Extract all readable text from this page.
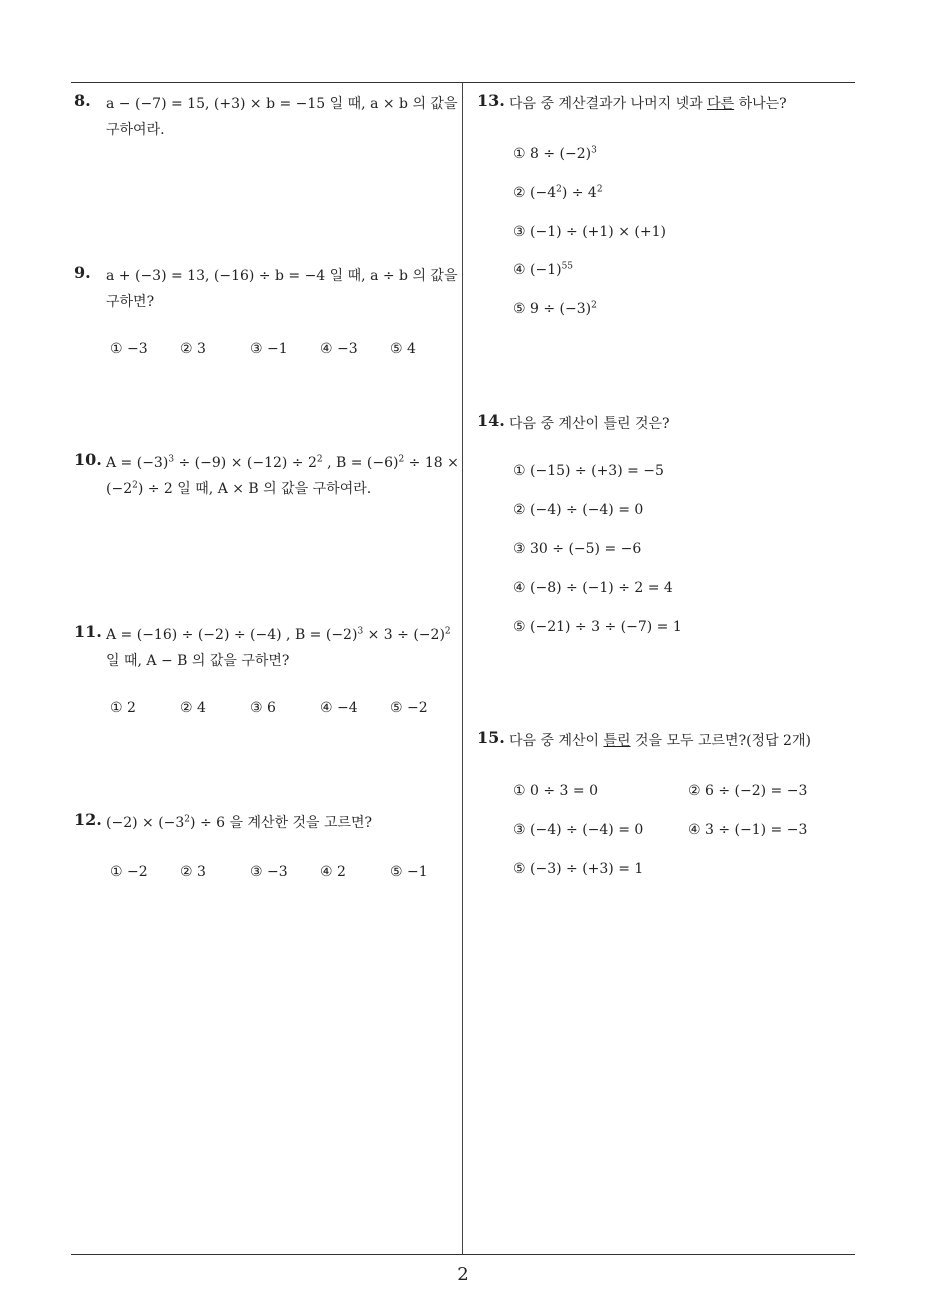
2
8. a − (−7) = 15, (+3) × b = −15 일 때, a × b 의 값을
구하여라.
9. a + (−3) = 13, (−16) ÷ b = −4 일 때, a ÷ b 의 값을
구하면?
① −3 ② 3	③ −1 ④ −3 ⑤ 4
10. $A = (-3)^3 \div (-9) \times (-12) \div 2^2$ , $B = (-6)^2 \div 18$ ×
$(-2^2) \div 2$ 일 때, A × B 의 값을 구하여라.
11. A = (−16) ÷ (−2) ÷ (−4) , $B = (-2)^3 \times 3 \div (-2)^2$
일 때, A − B 의 값을 구하면?
① 2	② 4	③ 6	④ −4 ⑤ −2
12. $(-2) \times (-3^2) \div 6$ 을 계산한 것을 고르면?
① −2 ② 3	③ −3 ④ 2	⑤ −1
13. 다음 중 계산결과가 나머지 넷과 다른 하나는?
① $8 \div (-2)^3$
② $(-4^2) \div 4^2$
③ (−1) ÷ (+1) × (+1)
④ $(-1)^{55}$
⑤ $9 \div (-3)^2$
14. 다음 중 계산이 틀린 것은?
① (−15) ÷ (+3) = −5
② (−4) ÷ (−4) = 0
③ 30 ÷ (−5) = −6
④ (−8) ÷ (−1) ÷ 2 = 4
⑤ (−21) ÷ 3 ÷ (−7) = 1
15. 다음 중 계산이 틀린 것을 모두 고르면?(정답 2개)
① 0 ÷ 3 = 0	② 6 ÷ (−2) = −3
③ (−4) ÷ (−4) = 0	④ 3 ÷ (−1) = −3
⑤ (−3) ÷ (+3) = 1
